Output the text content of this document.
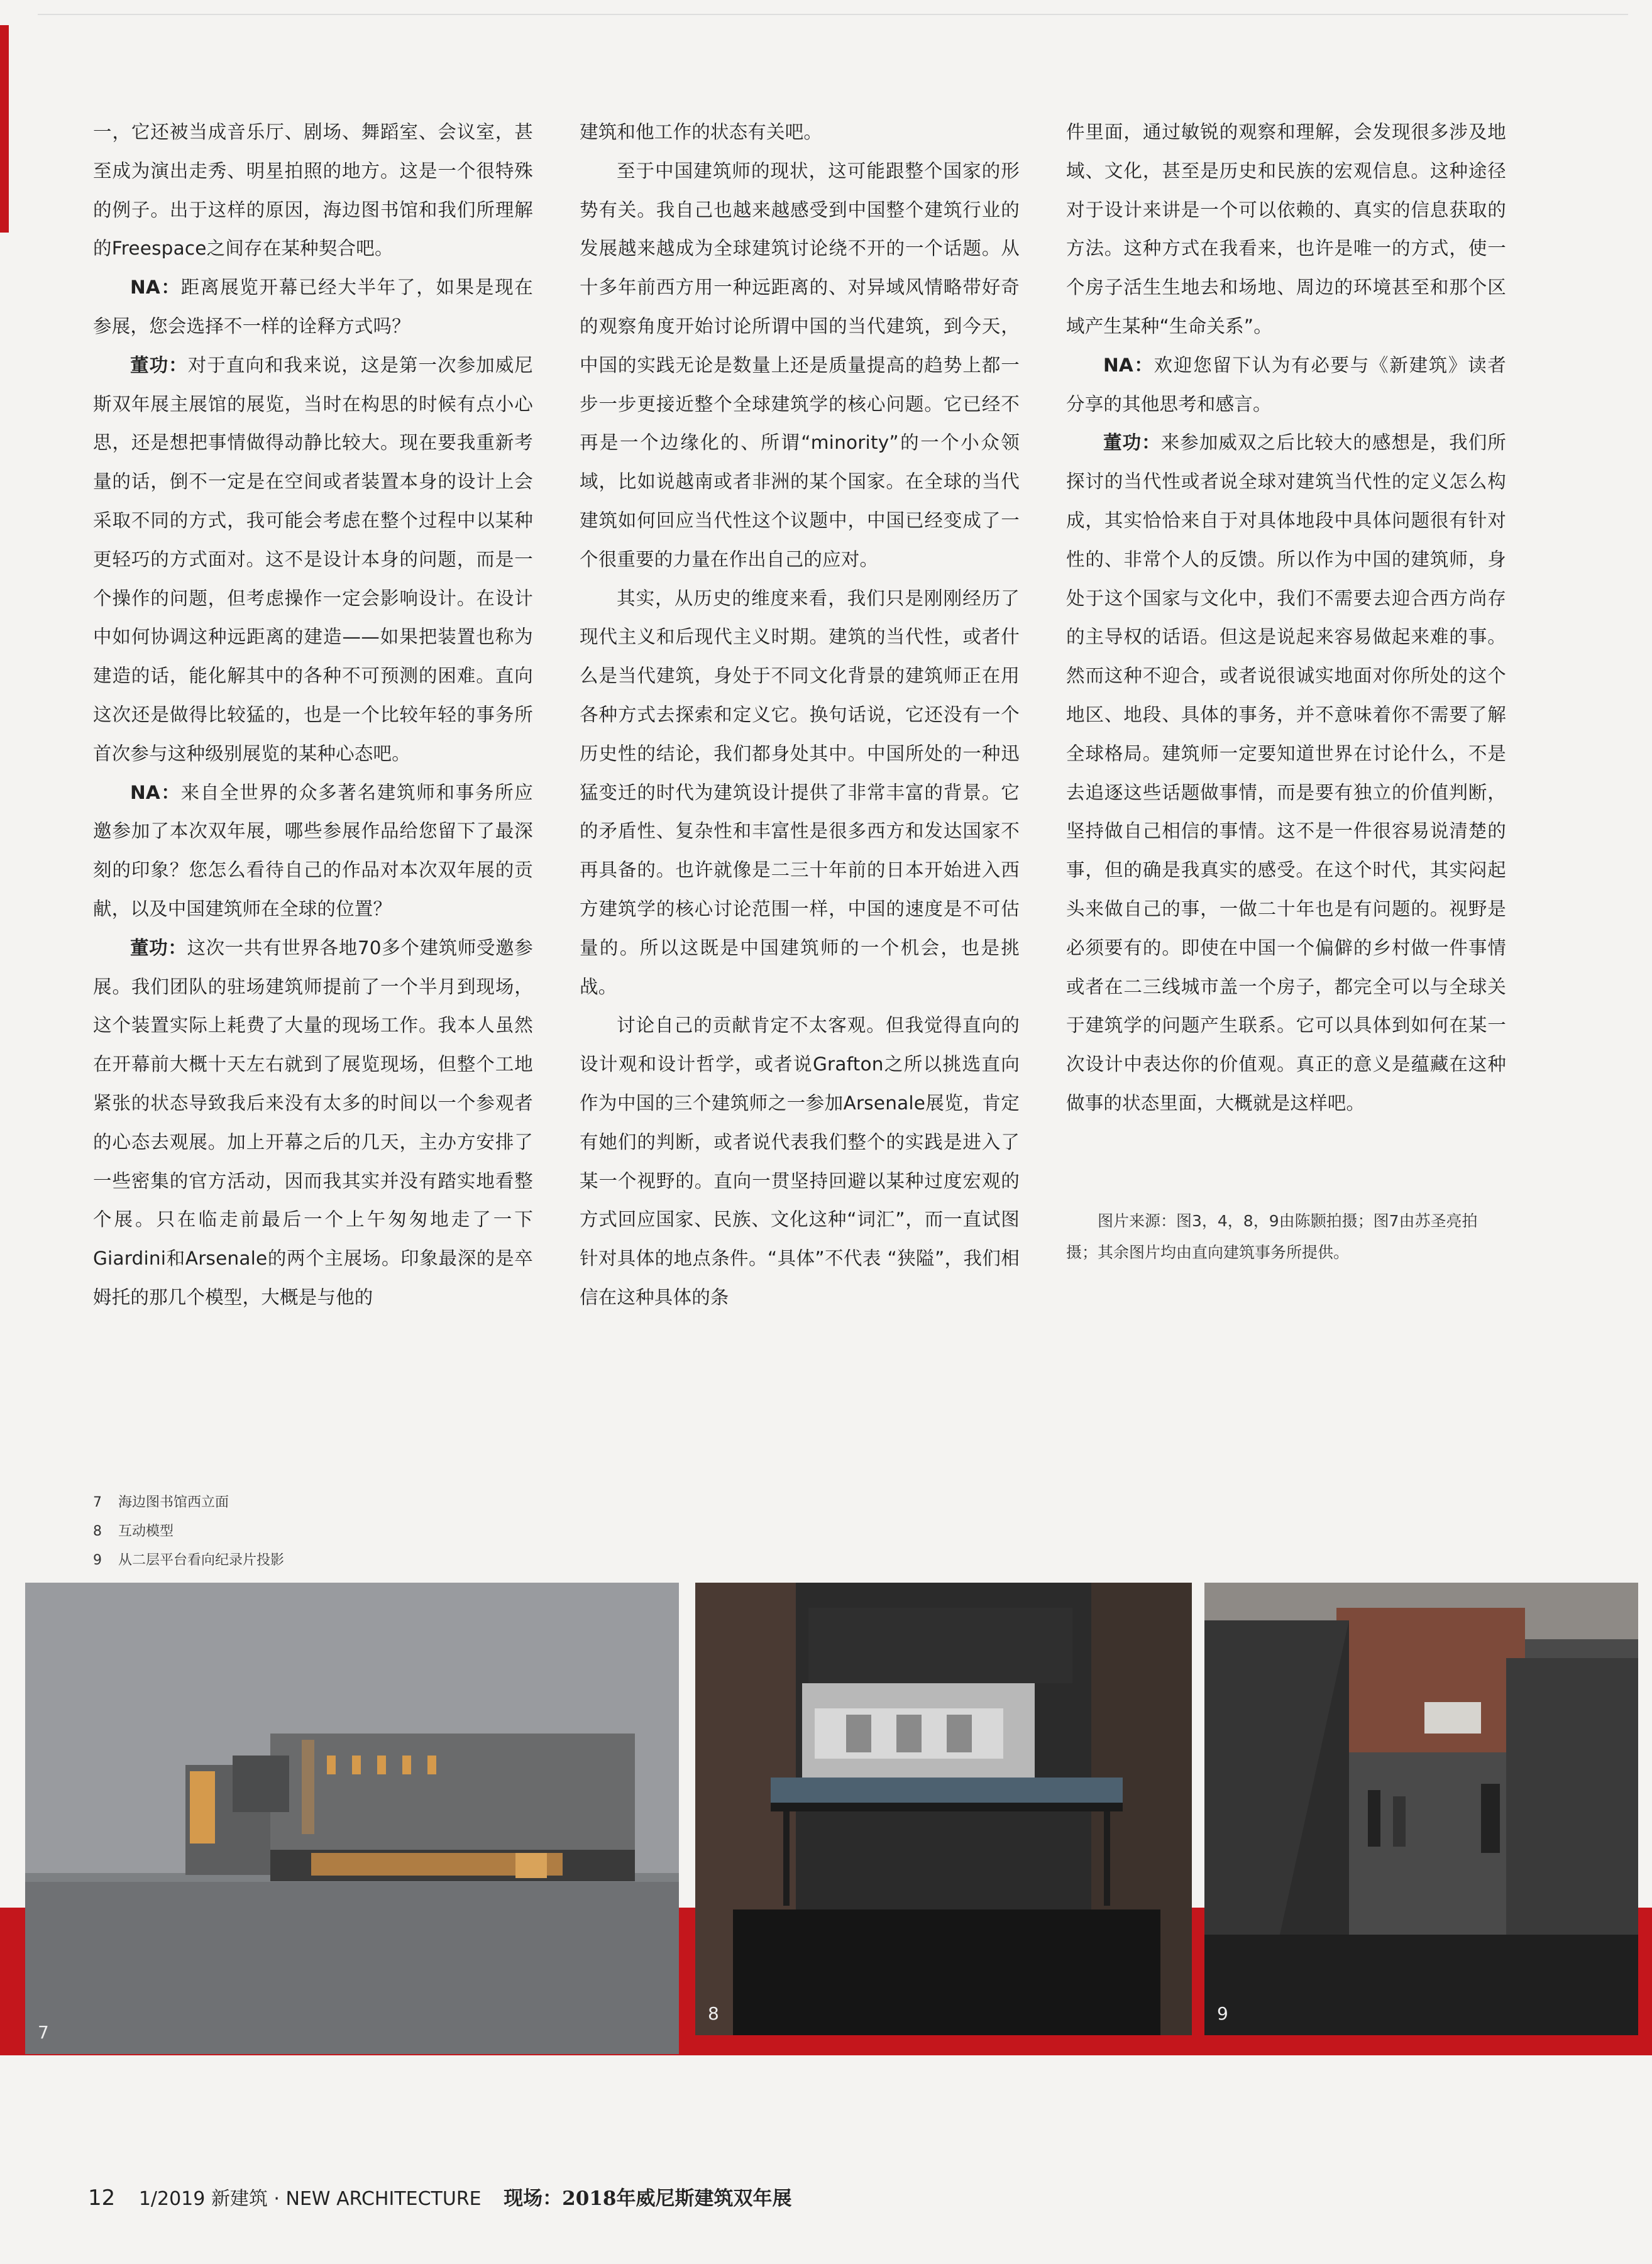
一，它还被当成音乐厅、剧场、舞蹈室、会议室，甚至成为演出走秀、明星拍照的地方。这是一个很特殊的例子。出于这样的原因，海边图书馆和我们所理解的Freespace之间存在某种契合吧。

NA：距离展览开幕已经大半年了，如果是现在参展，您会选择不一样的诠释方式吗？

董功：对于直向和我来说，这是第一次参加威尼斯双年展主展馆的展览，当时在构思的时候有点小心思，还是想把事情做得动静比较大。现在要我重新考量的话，倒不一定是在空间或者装置本身的设计上会采取不同的方式，我可能会考虑在整个过程中以某种更轻巧的方式面对。这不是设计本身的问题，而是一个操作的问题，但考虑操作一定会影响设计。在设计中如何协调这种远距离的建造——如果把装置也称为建造的话，能化解其中的各种不可预测的困难。直向这次还是做得比较猛的，也是一个比较年轻的事务所首次参与这种级别展览的某种心态吧。

NA：来自全世界的众多著名建筑师和事务所应邀参加了本次双年展，哪些参展作品给您留下了最深刻的印象？您怎么看待自己的作品对本次双年展的贡献，以及中国建筑师在全球的位置？

董功：这次一共有世界各地70多个建筑师受邀参展。我们团队的驻场建筑师提前了一个半月到现场，这个装置实际上耗费了大量的现场工作。我本人虽然在开幕前大概十天左右就到了展览现场，但整个工地紧张的状态导致我后来没有太多的时间以一个参观者的心态去观展。加上开幕之后的几天，主办方安排了一些密集的官方活动，因而我其实并没有踏实地看整个展。只在临走前最后一个上午匆匆地走了一下Giardini和Arsenale的两个主展场。印象最深的是卒姆托的那几个模型，大概是与他的

建筑和他工作的状态有关吧。

至于中国建筑师的现状，这可能跟整个国家的形势有关。我自己也越来越感受到中国整个建筑行业的发展越来越成为全球建筑讨论绕不开的一个话题。从十多年前西方用一种远距离的、对异域风情略带好奇的观察角度开始讨论所谓中国的当代建筑，到今天，中国的实践无论是数量上还是质量提高的趋势上都一步一步更接近整个全球建筑学的核心问题。它已经不再是一个边缘化的、所谓“minority”的一个小众领域，比如说越南或者非洲的某个国家。在全球的当代建筑如何回应当代性这个议题中，中国已经变成了一个很重要的力量在作出自己的应对。

其实，从历史的维度来看，我们只是刚刚经历了现代主义和后现代主义时期。建筑的当代性，或者什么是当代建筑，身处于不同文化背景的建筑师正在用各种方式去探索和定义它。换句话说，它还没有一个历史性的结论，我们都身处其中。中国所处的一种迅猛变迁的时代为建筑设计提供了非常丰富的背景。它的矛盾性、复杂性和丰富性是很多西方和发达国家不再具备的。也许就像是二三十年前的日本开始进入西方建筑学的核心讨论范围一样，中国的速度是不可估量的。所以这既是中国建筑师的一个机会，也是挑战。

讨论自己的贡献肯定不太客观。但我觉得直向的设计观和设计哲学，或者说Grafton之所以挑选直向作为中国的三个建筑师之一参加Arsenale展览，肯定有她们的判断，或者说代表我们整个的实践是进入了某一个视野的。直向一贯坚持回避以某种过度宏观的方式回应国家、民族、文化这种“词汇”，而一直试图针对具体的地点条件。“具体”不代表 “狭隘”，我们相信在这种具体的条

件里面，通过敏锐的观察和理解，会发现很多涉及地域、文化，甚至是历史和民族的宏观信息。这种途径对于设计来讲是一个可以依赖的、真实的信息获取的方法。这种方式在我看来，也许是唯一的方式，使一个房子活生生地去和场地、周边的环境甚至和那个区域产生某种“生命关系”。

NA：欢迎您留下认为有必要与《新建筑》读者分享的其他思考和感言。

董功：来参加威双之后比较大的感想是，我们所探讨的当代性或者说全球对建筑当代性的定义怎么构成，其实恰恰来自于对具体地段中具体问题很有针对性的、非常个人的反馈。所以作为中国的建筑师，身处于这个国家与文化中，我们不需要去迎合西方尚存的主导权的话语。但这是说起来容易做起来难的事。然而这种不迎合，或者说很诚实地面对你所处的这个地区、地段、具体的事务，并不意味着你不需要了解全球格局。建筑师一定要知道世界在讨论什么，不是去追逐这些话题做事情，而是要有独立的价值判断，坚持做自己相信的事情。这不是一件很容易说清楚的事，但的确是我真实的感受。在这个时代，其实闷起头来做自己的事，一做二十年也是有问题的。视野是必须要有的。即使在中国一个偏僻的乡村做一件事情或者在二三线城市盖一个房子，都完全可以与全球关于建筑学的问题产生联系。它可以具体到如何在某一次设计中表达你的价值观。真正的意义是蕴藏在这种做事的状态里面，大概就是这样吧。

图片来源：图3，4，8，9由陈颢拍摄；图7由苏圣亮拍摄；其余图片均由直向建筑事务所提供。
7 海边图书馆西立面
8 互动模型
9 从二层平台看向纪录片投影
7
8	9
12 1/2019 新建筑 · NEW ARCHITECTURE 现场：2018年威尼斯建筑双年展
